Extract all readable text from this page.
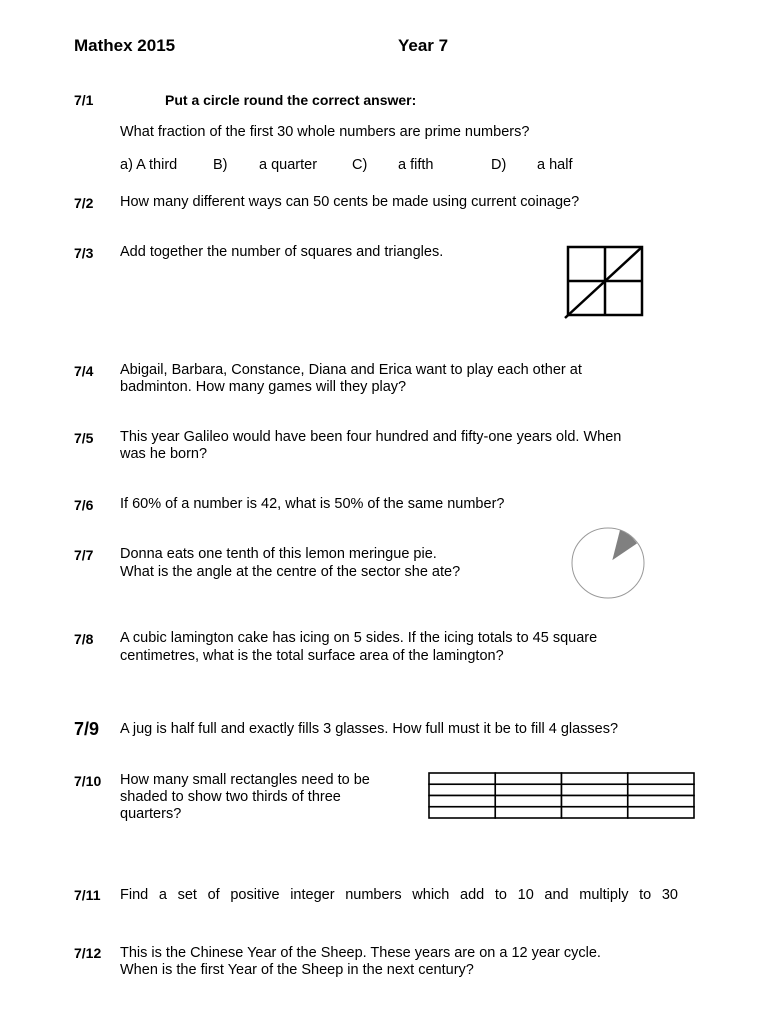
Mathex 2015	Year 7
7/1	Put a circle round the correct answer:
What fraction of the first 30 whole numbers are prime numbers?
a) A third B) a quarter C) a fifth	D) a half
7/2 How many different ways can 50 cents be made using current coinage?
7/3 Add together the number of squares and triangles.
7/4 Abigail, Barbara, Constance, Diana and Erica want to play each other at
badminton. How many games will they play?
7/5 This year Galileo would have been four hundred and fifty-one years old. When
was he born?
7/6 If 60% of a number is 42, what is 50% of the same number?
7/7 Donna eats one tenth of this lemon meringue pie.
What is the angle at the centre of the sector she ate?
7/8 A cubic lamington cake has icing on 5 sides. If the icing totals to 45 square
centimetres, what is the total surface area of the lamington?
7/9 A jug is half full and exactly fills 3 glasses. How full must it be to fill 4 glasses?
7/10 How many small rectangles need to be
shaded to show two thirds of three
quarters?
7/11 Find a set of positive integer numbers which add to 10 and multiply to 30
7/12 This is the Chinese Year of the Sheep. These years are on a 12 year cycle.
When is the first Year of the Sheep in the next century?
